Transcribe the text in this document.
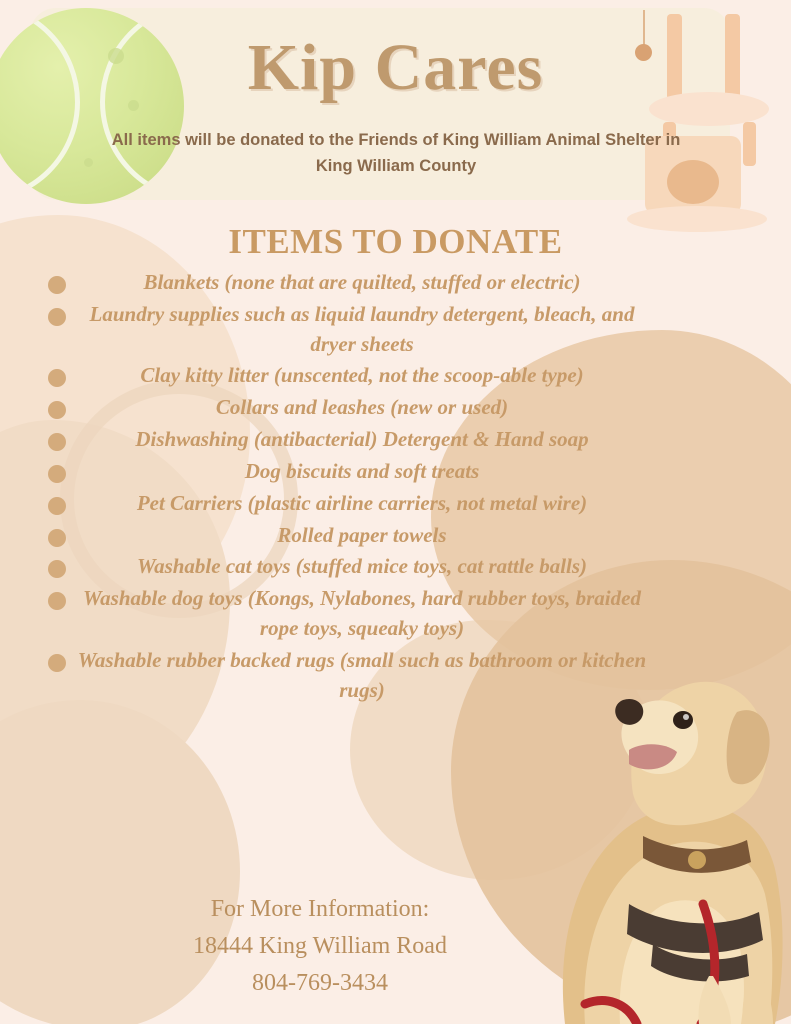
Kip Cares
All items will be donated to the Friends of King William Animal Shelter in King William County
ITEMS TO DONATE
Blankets (none that are quilted, stuffed or electric)
Laundry supplies such as liquid laundry detergent, bleach, and dryer sheets
Clay kitty litter (unscented, not the scoop-able type)
Collars and leashes (new or used)
Dishwashing (antibacterial) Detergent & Hand soap
Dog biscuits and soft treats
Pet Carriers (plastic airline carriers, not metal wire)
Rolled paper towels
Washable cat toys (stuffed mice toys, cat rattle balls)
Washable dog toys (Kongs, Nylabones, hard rubber toys, braided rope toys, squeaky toys)
Washable rubber backed rugs (small such as bathroom or kitchen rugs)
For More Information:
18444 King William Road
804-769-3434
